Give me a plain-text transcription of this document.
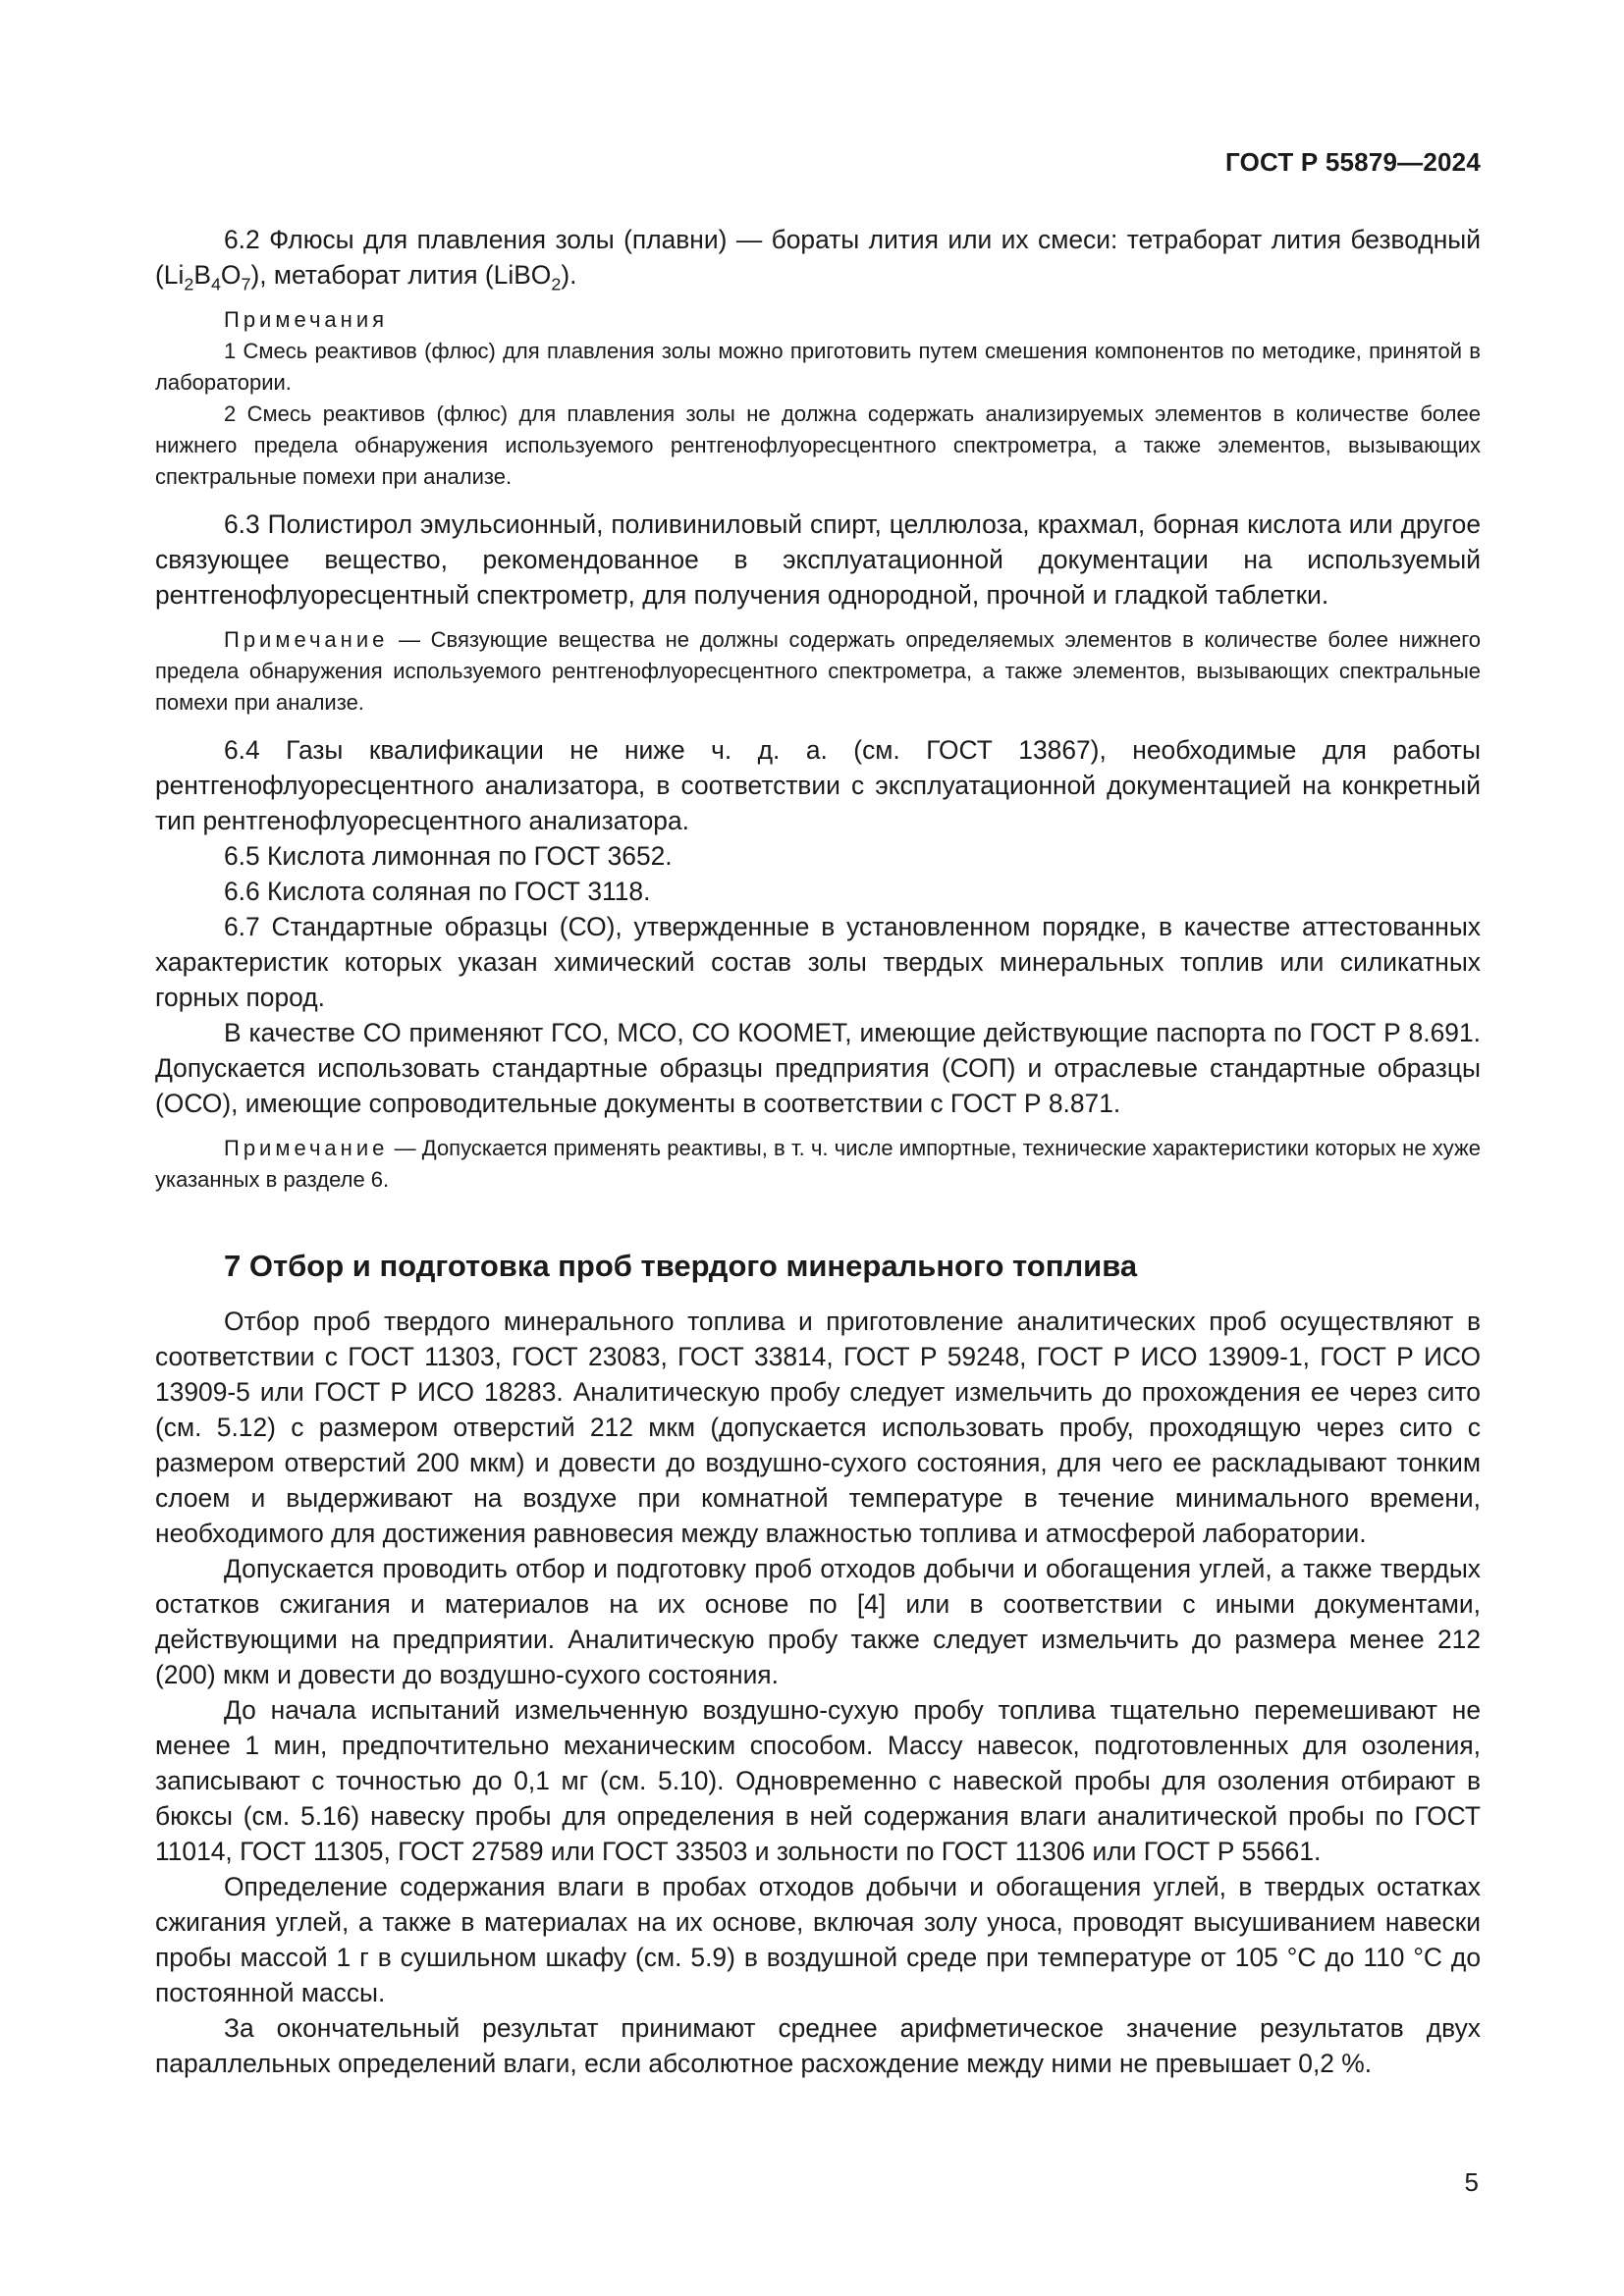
ГОСТ Р 55879—2024

6.2 Флюсы для плавления золы (плавни) — бораты лития или их смеси: тетраборат лития безводный $(Li_2B_4O_7)$, метаборат лития (LiBO$_2$).

Примечания

1 Смесь реактивов (флюс) для плавления золы можно приготовить путем смешения компонентов по методике, принятой в лаборатории.

2 Смесь реактивов (флюс) для плавления золы не должна содержать анализируемых элементов в количестве более нижнего предела обнаружения используемого рентгенофлуоресцентного спектрометра, а также элементов, вызывающих спектральные помехи при анализе.

6.3 Полистирол эмульсионный, поливиниловый спирт, целлюлоза, крахмал, борная кислота или другое связующее вещество, рекомендованное в эксплуатационной документации на используемый рентгенофлуоресцентный спектрометр, для получения однородной, прочной и гладкой таблетки.

Примечание — Связующие вещества не должны содержать определяемых элементов в количестве более нижнего предела обнаружения используемого рентгенофлуоресцентного спектрометра, а также элементов, вызывающих спектральные помехи при анализе.

6.4 Газы квалификации не ниже ч. д. а. (см. ГОСТ 13867), необходимые для работы рентгенофлуоресцентного анализатора, в соответствии с эксплуатационной документацией на конкретный тип рентгенофлуоресцентного анализатора.

6.5 Кислота лимонная по ГОСТ 3652.

6.6 Кислота соляная по ГОСТ 3118.

6.7 Стандартные образцы (СО), утвержденные в установленном порядке, в качестве аттестованных характеристик которых указан химический состав золы твердых минеральных топлив или силикатных горных пород.

В качестве СО применяют ГСО, МСО, СО КООМЕТ, имеющие действующие паспорта по ГОСТ Р 8.691. Допускается использовать стандартные образцы предприятия (СОП) и отраслевые стандартные образцы (ОСО), имеющие сопроводительные документы в соответствии с ГОСТ Р 8.871.

Примечание — Допускается применять реактивы, в т. ч. числе импортные, технические характеристики которых не хуже указанных в разделе 6.

7 Отбор и подготовка проб твердого минерального топлива

Отбор проб твердого минерального топлива и приготовление аналитических проб осуществляют в соответствии с ГОСТ 11303, ГОСТ 23083, ГОСТ 33814, ГОСТ Р 59248, ГОСТ Р ИСО 13909-1, ГОСТ Р ИСО 13909-5 или ГОСТ Р ИСО 18283. Аналитическую пробу следует измельчить до прохождения ее через сито (см. 5.12) с размером отверстий 212 мкм (допускается использовать пробу, проходящую через сито с размером отверстий 200 мкм) и довести до воздушно-сухого состояния, для чего ее раскладывают тонким слоем и выдерживают на воздухе при комнатной температуре в течение минимального времени, необходимого для достижения равновесия между влажностью топлива и атмосферой лаборатории.

Допускается проводить отбор и подготовку проб отходов добычи и обогащения углей, а также твердых остатков сжигания и материалов на их основе по [4] или в соответствии с иными документами, действующими на предприятии. Аналитическую пробу также следует измельчить до размера менее 212 (200) мкм и довести до воздушно-сухого состояния.

До начала испытаний измельченную воздушно-сухую пробу топлива тщательно перемешивают не менее 1 мин, предпочтительно механическим способом. Массу навесок, подготовленных для озоления, записывают с точностью до 0,1 мг (см. 5.10). Одновременно с навеской пробы для озоления отбирают в бюксы (см. 5.16) навеску пробы для определения в ней содержания влаги аналитической пробы по ГОСТ 11014, ГОСТ 11305, ГОСТ 27589 или ГОСТ 33503 и зольности по ГОСТ 11306 или ГОСТ Р 55661.

Определение содержания влаги в пробах отходов добычи и обогащения углей, в твердых остатках сжигания углей, а также в материалах на их основе, включая золу уноса, проводят высушиванием навески пробы массой 1 г в сушильном шкафу (см. 5.9) в воздушной среде при температуре от 105 °С до 110 °С до постоянной массы.

За окончательный результат принимают среднее арифметическое значение результатов двух параллельных определений влаги, если абсолютное расхождение между ними не превышает 0,2 %.

5
